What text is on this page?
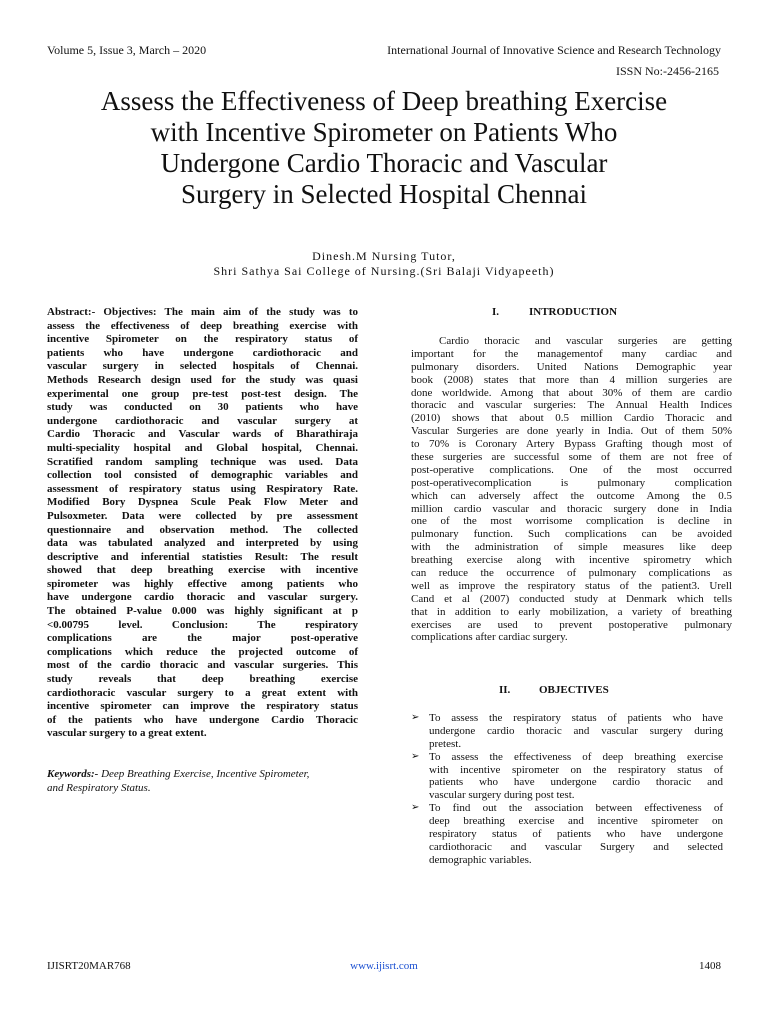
Volume 5, Issue 3, March – 2020	International Journal of Innovative Science and Research Technology
ISSN No:-2456-2165
Assess the Effectiveness of Deep breathing Exercise
with Incentive Spirometer on Patients Who
Undergone Cardio Thoracic and Vascular
Surgery in Selected Hospital Chennai
Dinesh.M Nursing Tutor,
Shri Sathya Sai College of Nursing.(Sri Balaji Vidyapeeth)
Abstract:- Objectives: The main aim of the study was to
assess the effectiveness of deep breathing exercise with
incentive Spirometer on the respiratory status of
patients who have undergone cardiothoracic and
vascular surgery in selected hospitals of Chennai.
Methods Research design used for the study was quasi
experimental one group pre-test post-test design. The
study was conducted on 30 patients who have
undergone cardiothoracic and vascular surgery at
Cardio Thoracic and Vascular wards of Bharathiraja
multi-speciality hospital and Global hospital, Chennai.
Scratified random sampling technique was used. Data
collection tool consisted of demographic variables and
assessment of respiratory status using Respiratory Rate.
Modified Bory Dyspnea Scule Peak Flow Meter and
Pulsoxmeter. Data were collected by pre assessment
questionnaire and observation method. The collected
data was tabulated analyzed and interpreted by using
descriptive and inferential statisties Result: The result
showed that deep breathing exercise with incentive
spirometer was highly effective among patients who
have undergone cardio thoracic and vascular surgery.
The obtained P-value 0.000 was highly significant at p
<0.00795 level. Conclusion: The respiratory
complications are the major post-operative
complications which reduce the projected outcome of
most of the cardio thoracic and vascular surgeries. This
study reveals that deep breathing exercise
cardiothoracic vascular surgery to a great extent with
incentive spirometer can improve the respiratory status
of the patients who have undergone Cardio Thoracic
vascular surgery to a great extent.
Keywords:- Deep Breathing Exercise, Incentive Spirometer,
and Respiratory Status.
I.	INTRODUCTION
Cardio thoracic and vascular surgeries are getting
important for the managementof many cardiac and
pulmonary disorders. United Nations Demographic year
book (2008) states that more than 4 million surgeries are
done worldwide. Among that about 30% of them are cardio
thoracic and vascular surgeries: The Annual Health Indices
(2010) shows that about 0.5 million Cardio Thoracic and
Vascular Surgeries are done yearly in India. Out of them 50%
to 70% is Coronary Artery Bypass Grafting though most of
these surgeries are successful some of them are not free of
post-operative complications. One of the most occurred
post-operativecomplication is pulmonary complication
which can adversely affect the outcome Among the 0.5
million cardio vascular and thoracic surgery done in India
one of the most worrisome complication is decline in
pulmonary function. Such complications can be avoided
with the administration of simple measures like deep
breathing exercise along with incentive spirometry which
can reduce the occurrence of pulmonary complications as
well as improve the respiratory status of the patient3. Urell
Cand et al (2007) conducted study at Denmark which tells
that in addition to early mobilization, a variety of breathing
exercises are used to prevent postoperative pulmonary
complications after cardiac surgery.
II.	OBJECTIVES
➢ To assess the respiratory status of patients who have
undergone cardio thoracic and vascular surgery during
pretest.
➢ To assess the effectiveness of deep breathing exercise
with incentive spirometer on the respiratory status of
patients who have undergone cardio thoracic and
vascular surgery during post test.
➢ To find out the association between effectiveness of
deep breathing exercise and incentive spirometer on
respiratory status of patients who have undergone
cardiothoracic and vascular Surgery and selected
demographic variables.
IJISRT20MAR768	www.ijisrt.com	1408
